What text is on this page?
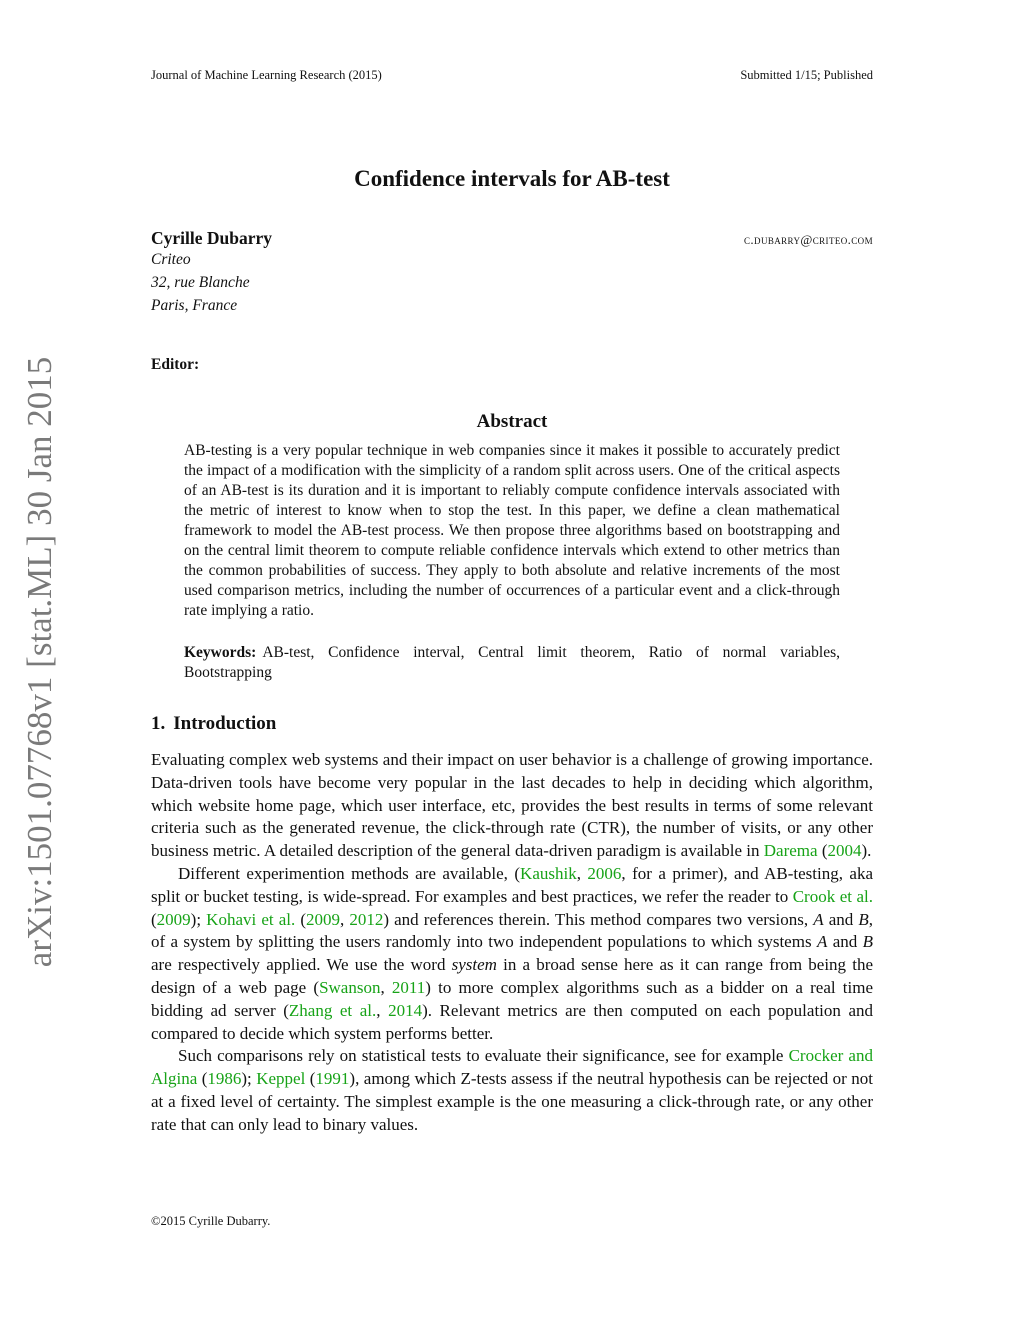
Journal of Machine Learning Research (2015)	Submitted 1/15; Published
Confidence intervals for AB-test
Cyrille Dubarry	c.dubarry@criteo.com
Criteo
32, rue Blanche
Paris, France
Editor:
Abstract

AB-testing is a very popular technique in web companies since it makes it possible to accurately predict the impact of a modification with the simplicity of a random split across users. One of the critical aspects of an AB-test is its duration and it is important to reliably compute confidence intervals associated with the metric of interest to know when to stop the test. In this paper, we define a clean mathematical framework to model the AB-test process. We then propose three algorithms based on bootstrapping and on the central limit theorem to compute reliable confidence intervals which extend to other metrics than the common probabilities of success. They apply to both absolute and relative increments of the most used comparison metrics, including the number of occurrences of a particular event and a click-through rate implying a ratio.

Keywords: AB-test, Confidence interval, Central limit theorem, Ratio of normal variables, Bootstrapping

1. Introduction

Evaluating complex web systems and their impact on user behavior is a challenge of growing importance. Data-driven tools have become very popular in the last decades to help in deciding which algorithm, which website home page, which user interface, etc, provides the best results in terms of some relevant criteria such as the generated revenue, the click-through rate (CTR), the number of visits, or any other business metric. A detailed description of the general data-driven paradigm is available in Darema (2004).

Different experimention methods are available, (Kaushik, 2006, for a primer), and AB-testing, aka split or bucket testing, is wide-spread. For examples and best practices, we refer the reader to Crook et al. (2009); Kohavi et al. (2009, 2012) and references therein. This method compares two versions, A and B, of a system by splitting the users randomly into two independent populations to which systems A and B are respectively applied. We use the word system in a broad sense here as it can range from being the design of a web page (Swanson, 2011) to more complex algorithms such as a bidder on a real time bidding ad server (Zhang et al., 2014). Relevant metrics are then computed on each population and compared to decide which system performs better.

Such comparisons rely on statistical tests to evaluate their significance, see for example Crocker and Algina (1986); Keppel (1991), among which Z-tests assess if the neutral hypothesis can be rejected or not at a fixed level of certainty. The simplest example is the one measuring a click-through rate, or any other rate that can only lead to binary values.

©2015 Cyrille Dubarry.
arXiv:1501.07768v1 [stat.ML] 30 Jan 2015
